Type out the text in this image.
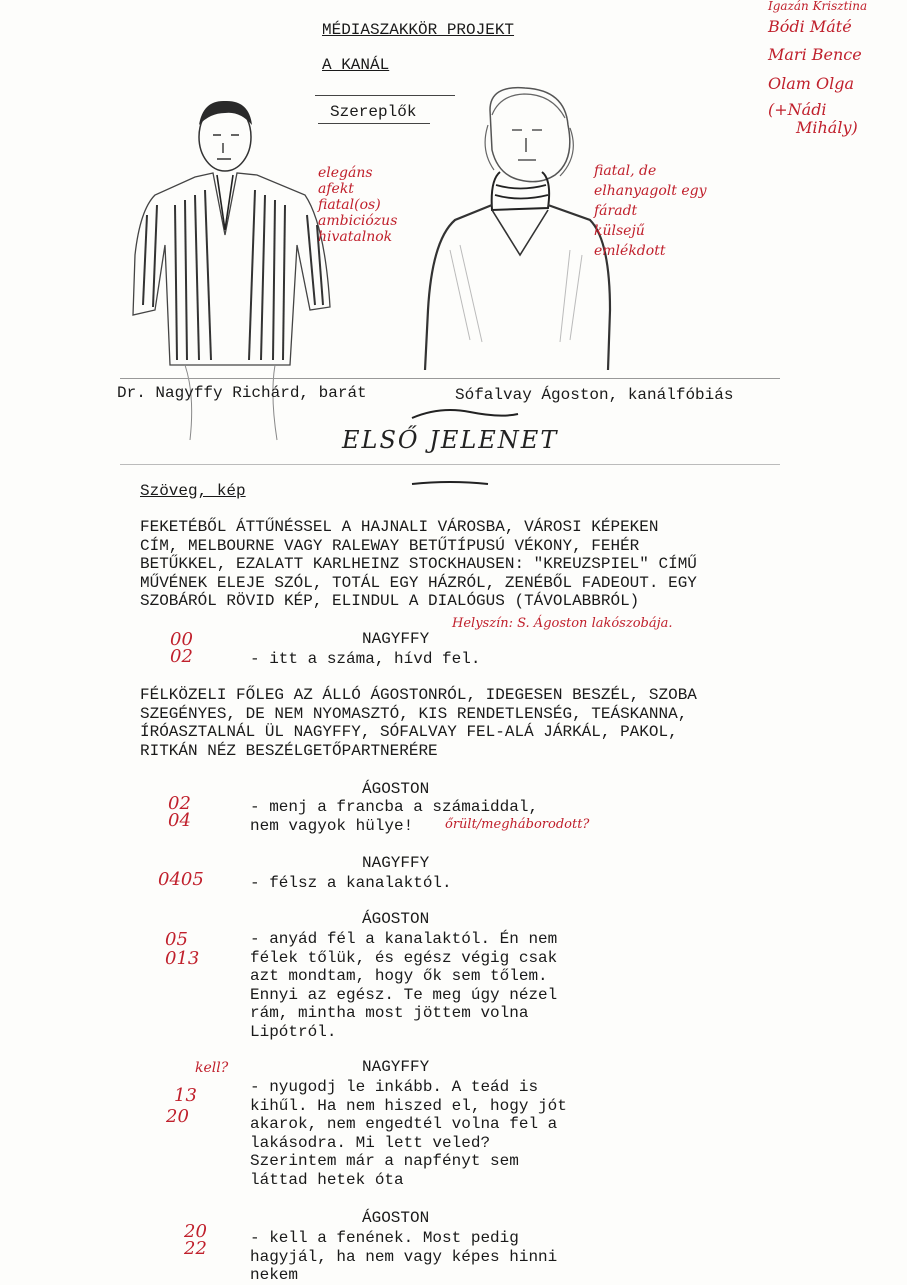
MÉDIASZAKKÖR PROJEKT
A KANÁL
Szereplők
Igazán Krisztina
Bódi Máté
Mari Bence
Olam Olga
(+Nádi
Mihály)
elegáns
afekt
fiatal(os)
ambiciózus
hivatalnok
fiatal, de
elhanyagolt egy
fáradt
külsejű
emlékdott
Dr. Nagyffy Richárd, barát	Sófalvay Ágoston, kanálfóbiás
ELSŐ JELENET
Szöveg, kép
FEKETÉBŐL ÁTTŰNÉSSEL A HAJNALI VÁROSBA, VÁROSI KÉPEKEN
CÍM, MELBOURNE VAGY RALEWAY BETŰTÍPUSÚ VÉKONY, FEHÉR
BETŰKKEL, EZALATT KARLHEINZ STOCKHAUSEN: "KREUZSPIEL" CÍMŰ
MŰVÉNEK ELEJE SZÓL, TOTÁL EGY HÁZRÓL, ZENÉBŐL FADEOUT. EGY
SZOBÁRÓL RÖVID KÉP, ELINDUL A DIALÓGUS (TÁVOLABBRÓL)
NAGYFFY
Helyszín: S. Ágoston lakószobája.
- itt a száma, hívd fel.
00
02
FÉLKÖZELI FŐLEG AZ ÁLLÓ ÁGOSTONRÓL, IDEGESEN BESZÉL, SZOBA
SZEGÉNYES, DE NEM NYOMASZTÓ, KIS RENDETLENSÉG, TEÁSKANNA,
ÍRÓASZTALNÁL ÜL NAGYFFY, SÓFALVAY FEL-ALÁ JÁRKÁL, PAKOL,
RITKÁN NÉZ BESZÉLGETŐPARTNERÉRE
ÁGOSTON
- menj a francba a számaiddal,
nem vagyok hülye!	őrült/megháborodott?
02
04
NAGYFFY
- félsz a kanalaktól.
0405
ÁGOSTON
- anyád fél a kanalaktól. Én nem
félek tőlük, és egész végig csak
azt mondtam, hogy ők sem tőlem.
Ennyi az egész. Te meg úgy nézel
rám, mintha most jöttem volna
Lipótról.
05
013
NAGYFFY
kell?
- nyugodj le inkább. A teád is
kihűl. Ha nem hiszed el, hogy jót
akarok, nem engedtél volna fel a
lakásodra. Mi lett veled?
Szerintem már a napfényt sem
láttad hetek óta
13
20
ÁGOSTON
- kell a fenének. Most pedig
hagyjál, ha nem vagy képes hinni
nekem
20
22
